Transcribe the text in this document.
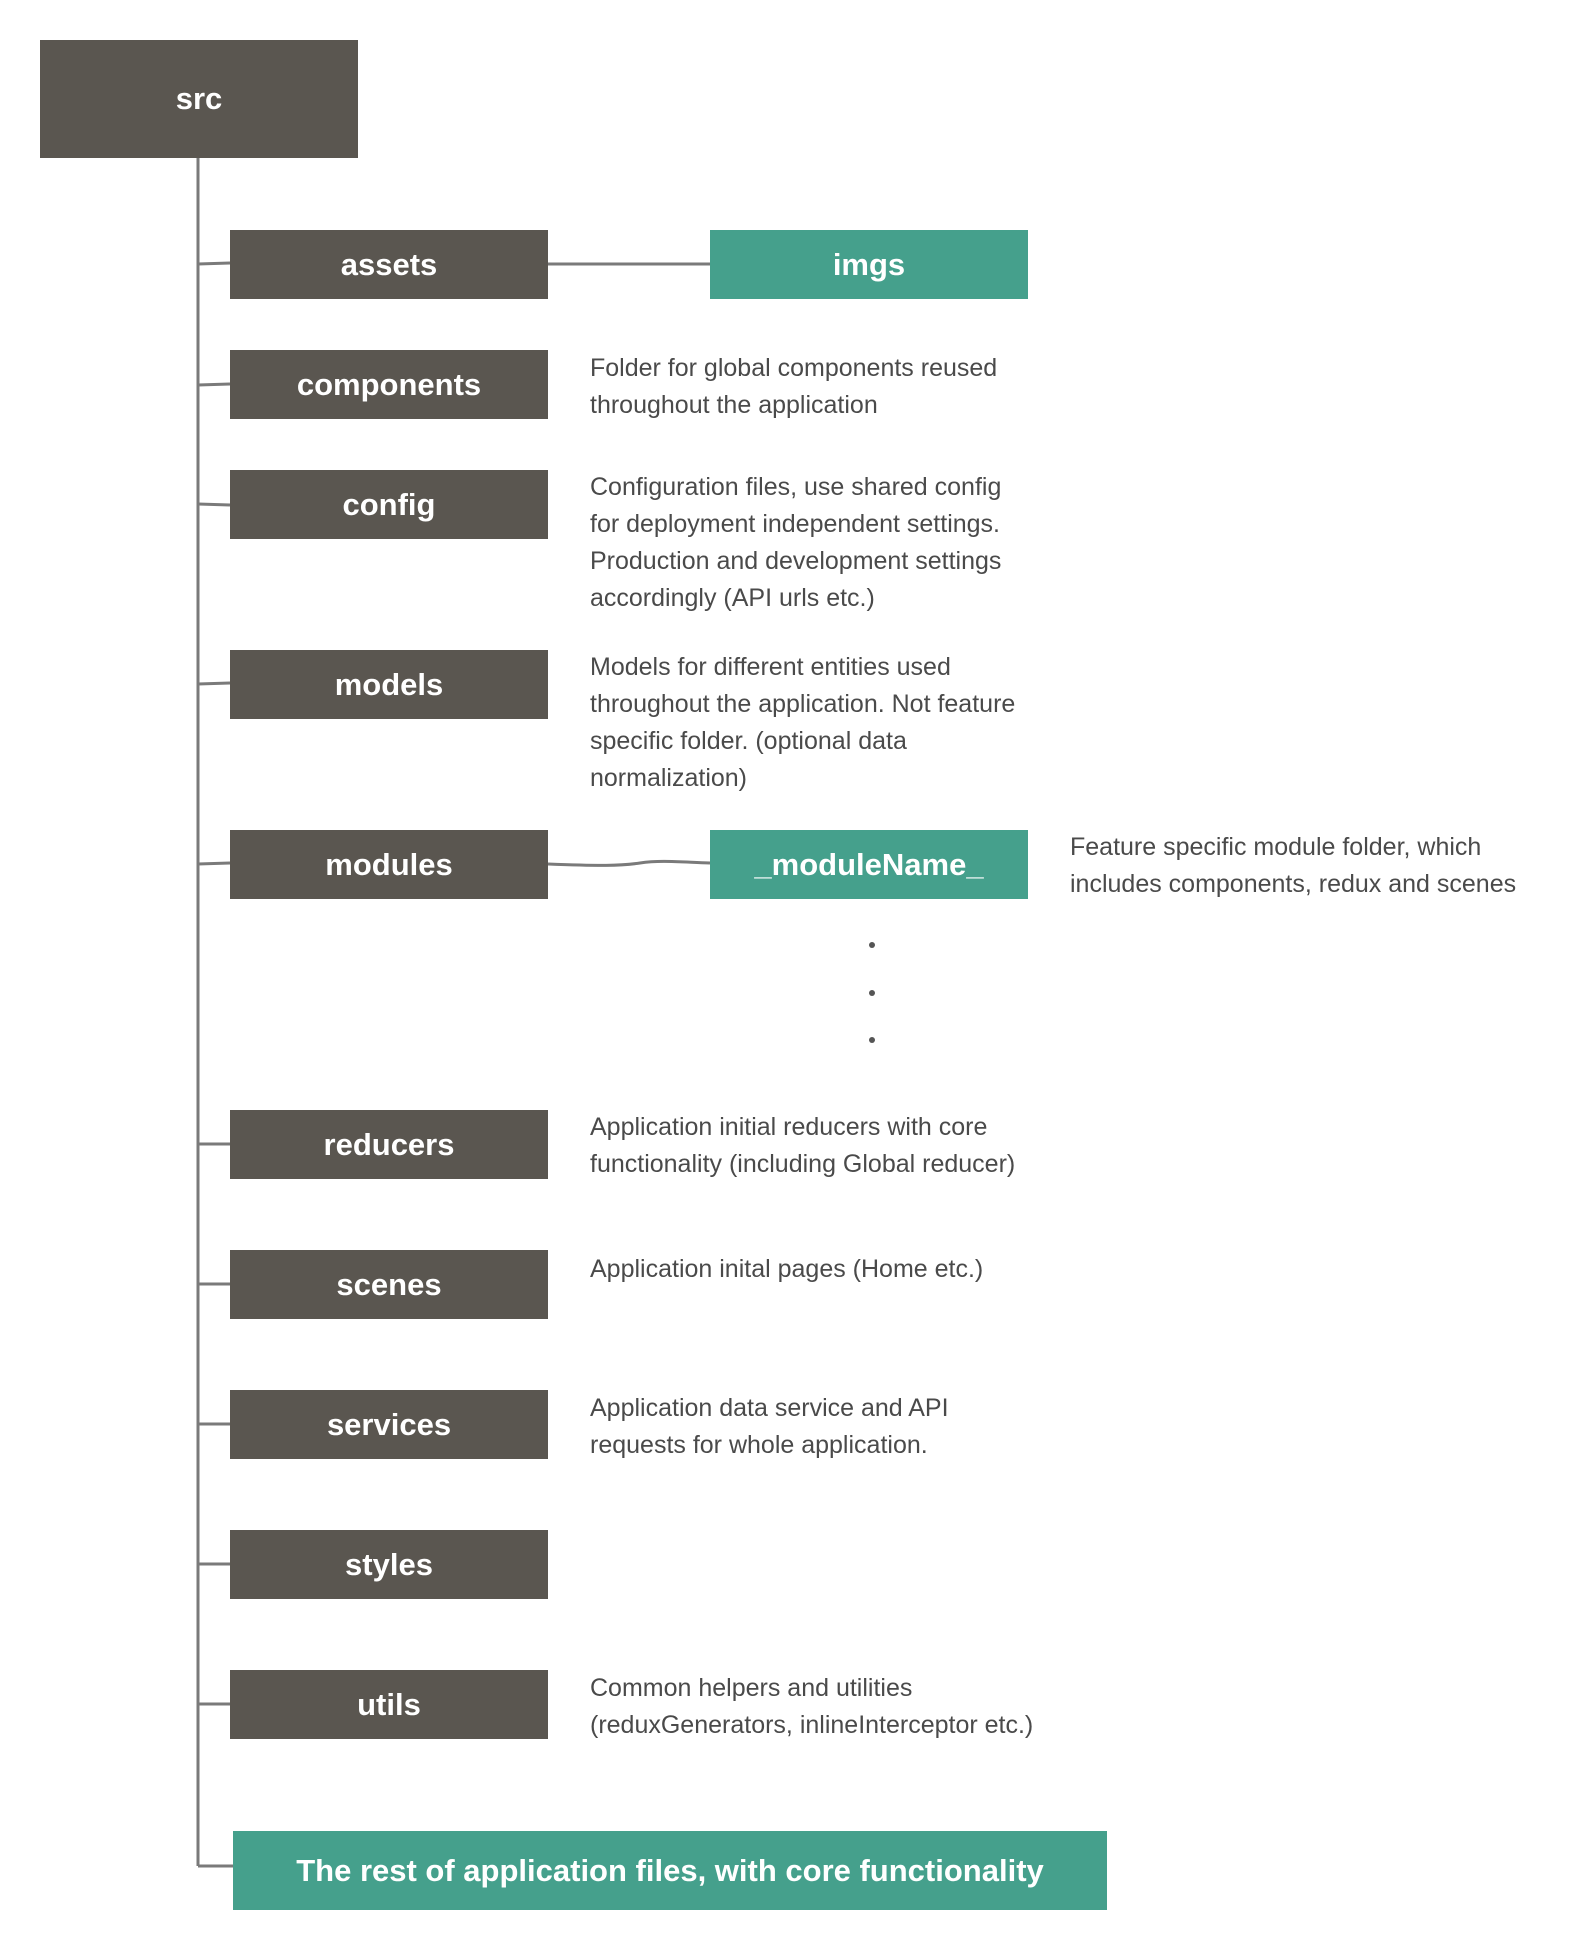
src
assets
components
config
models
modules
reducers
scenes
services
styles
utils
imgs
_moduleName_
Folder for global components reused
throughout the application
Configuration files, use shared config
for deployment independent settings.
Production and development settings
accordingly (API urls etc.)
Models for different entities used
throughout the application. Not feature
specific folder. (optional data
normalization)
Feature specific module folder, which
includes components, redux and scenes
Application initial reducers with core
functionality (including Global reducer)
Application inital pages (Home etc.)
Application data service and API
requests for whole application.
Common helpers and utilities
(reduxGenerators, inlineInterceptor etc.)
The rest of application files, with core functionality
